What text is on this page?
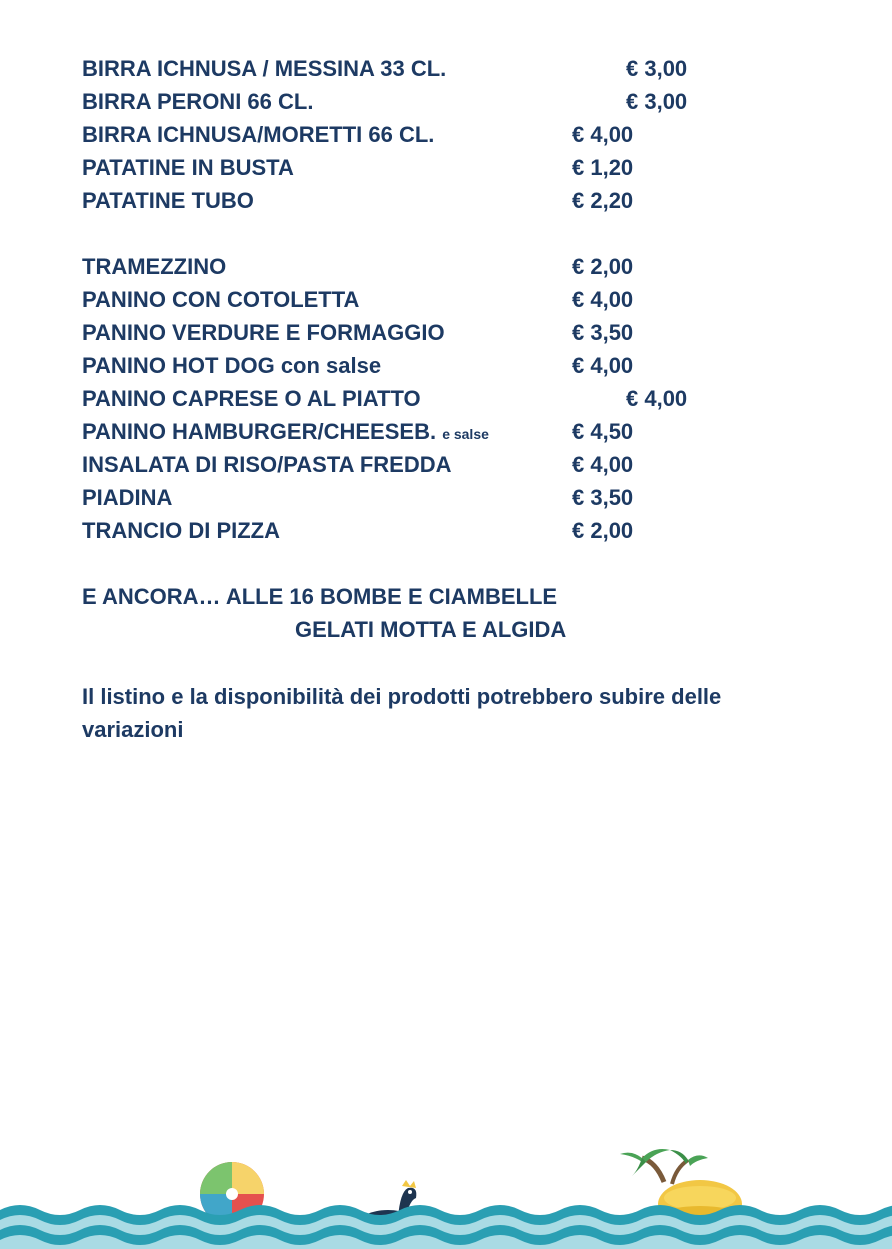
BIRRA ICHNUSA / MESSINA 33 CL.	€ 3,00
BIRRA PERONI 66 CL.	€ 3,00
BIRRA ICHNUSA/MORETTI 66 CL.	€ 4,00
PATATINE IN BUSTA	€ 1,20
PATATINE TUBO	€ 2,20
TRAMEZZINO	€ 2,00
PANINO CON COTOLETTA	€ 4,00
PANINO VERDURE E FORMAGGIO	€ 3,50
PANINO HOT DOG con salse	€ 4,00
PANINO CAPRESE O AL PIATTO	€ 4,00
PANINO HAMBURGER/CHEESEB. e salse	€ 4,50
INSALATA DI RISO/PASTA FREDDA	€ 4,00
PIADINA	€ 3,50
TRANCIO DI PIZZA	€ 2,00
E ANCORA… ALLE 16 BOMBE E CIAMBELLE
GELATI MOTTA E ALGIDA
Il listino e la disponibilità dei prodotti potrebbero subire delle variazioni
